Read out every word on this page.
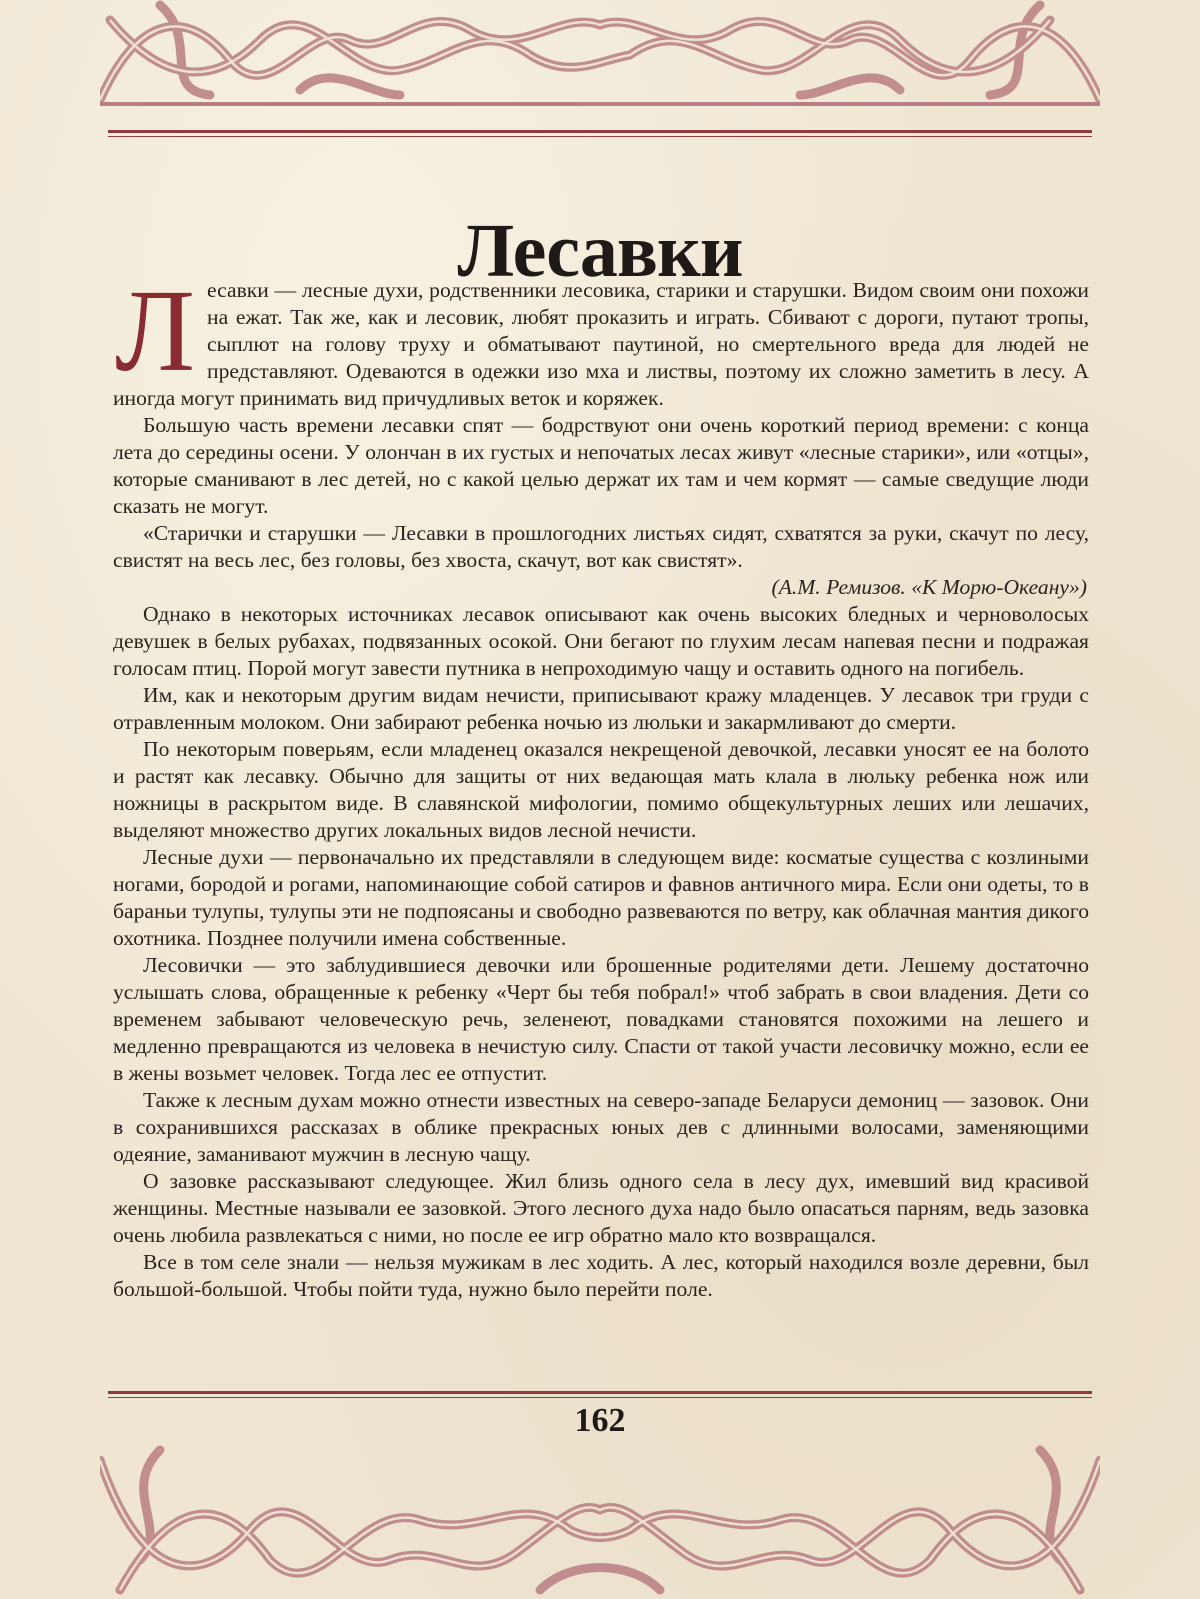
Лесавки

Лесавки — лесные духи, родственники лесовика, старики и старушки. Видом своим они похожи на ежат. Так же, как и лесовик, любят проказить и играть. Сбивают с дороги, путают тропы, сыплют на голову труху и обматывают паутиной, но смертельного вреда для людей не представляют. Одеваются в одежки изо мха и листвы, поэтому их сложно заметить в лесу. А иногда могут принимать вид причудливых веток и коряжек.

Большую часть времени лесавки спят — бодрствуют они очень короткий период времени: с конца лета до середины осени. У олончан в их густых и непочатых лесах живут «лесные старики», или «отцы», которые сманивают в лес детей, но с какой целью держат их там и чем кормят — самые сведущие люди сказать не могут.

«Старички и старушки — Лесавки в прошлогодних листьях сидят, схватятся за руки, скачут по лесу, свистят на весь лес, без головы, без хвоста, скачут, вот как свистят».

(А.М. Ремизов. «К Морю-Океану»)

Однако в некоторых источниках лесавок описывают как очень высоких бледных и черноволосых девушек в белых рубахах, подвязанных осокой. Они бегают по глухим лесам напевая песни и подражая голосам птиц. Порой могут завести путника в непроходимую чащу и оставить одного на погибель.

Им, как и некоторым другим видам нечисти, приписывают кражу младенцев. У лесавок три груди с отравленным молоком. Они забирают ребенка ночью из люльки и закармливают до смерти.

По некоторым поверьям, если младенец оказался некрещеной девочкой, лесавки уносят ее на болото и растят как лесавку. Обычно для защиты от них ведающая мать клала в люльку ребенка нож или ножницы в раскрытом виде. В славянской мифологии, помимо общекультурных леших или лешачих, выделяют множество других локальных видов лесной нечисти.

Лесные духи — первоначально их представляли в следующем виде: косматые существа с козлиными ногами, бородой и рогами, напоминающие собой сатиров и фавнов античного мира. Если они одеты, то в бараньи тулупы, тулупы эти не подпоясаны и свободно развеваются по ветру, как облачная мантия дикого охотника. Позднее получили имена собственные.

Лесовички — это заблудившиеся девочки или брошенные родителями дети. Лешему достаточно услышать слова, обращенные к ребенку «Черт бы тебя побрал!» чтоб забрать в свои владения. Дети со временем забывают человеческую речь, зеленеют, повадками становятся похожими на лешего и медленно превращаются из человека в нечистую силу. Спасти от такой участи лесовичку можно, если ее в жены возьмет человек. Тогда лес ее отпустит.

Также к лесным духам можно отнести известных на северо-западе Беларуси демониц — зазовок. Они в сохранившихся рассказах в облике прекрасных юных дев с длинными волосами, заменяющими одеяние, заманивают мужчин в лесную чащу.

О зазовке рассказывают следующее. Жил близь одного села в лесу дух, имевший вид красивой женщины. Местные называли ее зазовкой. Этого лесного духа надо было опасаться парням, ведь зазовка очень любила развлекаться с ними, но после ее игр обратно мало кто возвращался.

Все в том селе знали — нельзя мужикам в лес ходить. А лес, который находился возле деревни, был большой-большой. Чтобы пойти туда, нужно было перейти поле.

162
